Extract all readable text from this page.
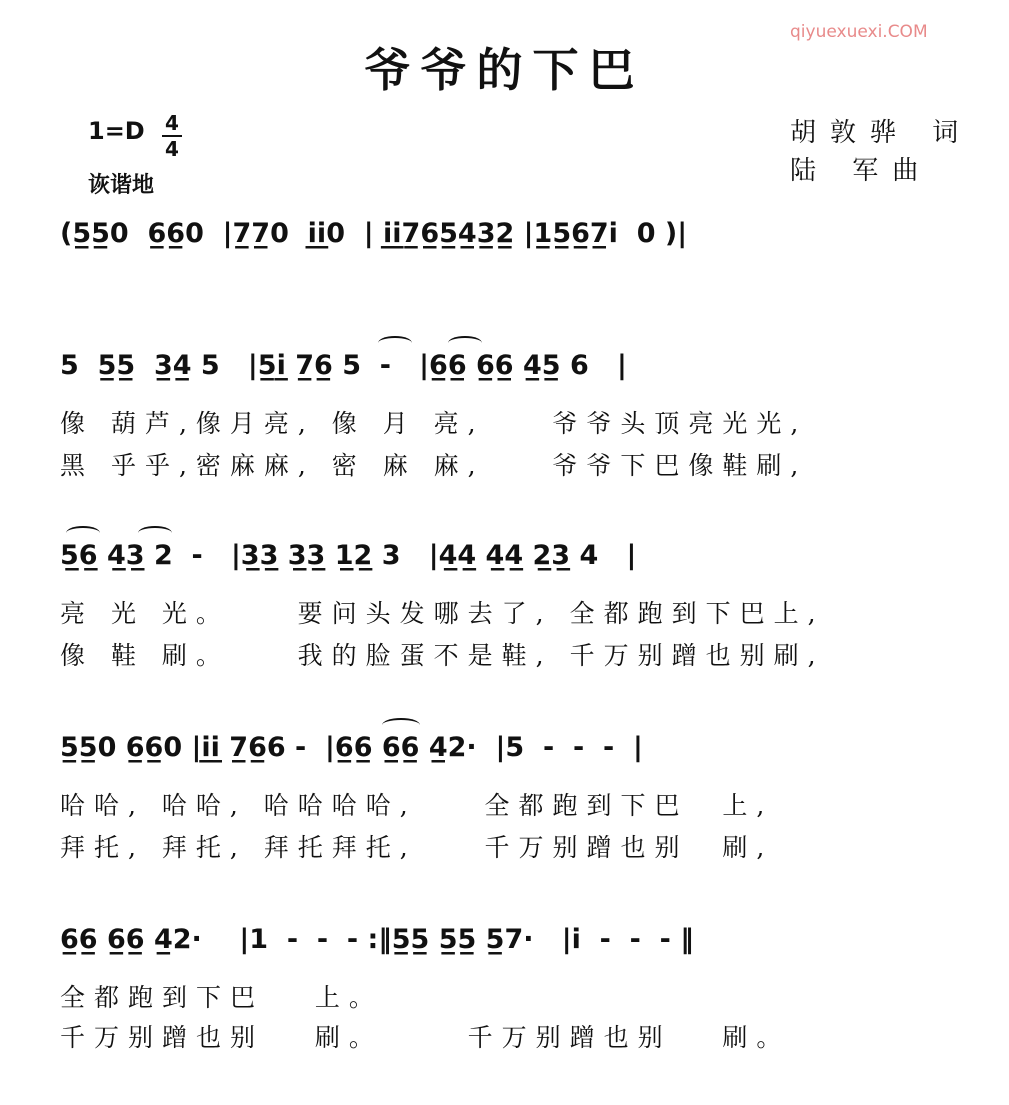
qiyuexuexi.COM
爷爷的下巴
1=D 4
4
诙谐地
胡敦骅 词
陆 军曲
(5̲5̲0  6̲6̲0  |7̲7̲0  i̲i̲0  | i̲i̲7̲6̲5̲4̲3̲2̲ |1̲5̲6̲7̲i  0 )|
5  5̲5̲  3̲4̲ 5   |5̲i̲ 7̲6̲ 5  -   |6̲6̲ 6̲6̲ 4̲5̲ 6   |
像 葫芦,像月亮, 像 月 亮,    爷爷头顶亮光光,
黑 乎乎,密麻麻, 密 麻 麻,    爷爷下巴像鞋刷,
5̲6̲ 4̲3̲ 2  -   |3̲3̲ 3̲3̲ 1̲2̲ 3   |4̲4̲ 4̲4̲ 2̲3̲ 4   |
亮 光 光。    要问头发哪去了, 全都跑到下巴上,
像 鞋 刷。    我的脸蛋不是鞋, 千万别蹭也别刷,
5̲5̲0 6̲6̲0 |i̲i̲ 7̲6̲6 -  |6̲6̲ 6̲6̲ 4̲2·  |5  -  -  -  |
哈哈, 哈哈, 哈哈哈哈,    全都跑到下巴  上,
拜托, 拜托, 拜托拜托,    千万别蹭也别  刷,
6̲6̲ 6̲6̲ 4̲2·    |1  -  -  - :‖5̲5̲ 5̲5̲ 5̲7·   |i  -  -  - ‖
全都跑到下巴   上。
千万别蹭也别   刷。     千万别蹭也别   刷。
